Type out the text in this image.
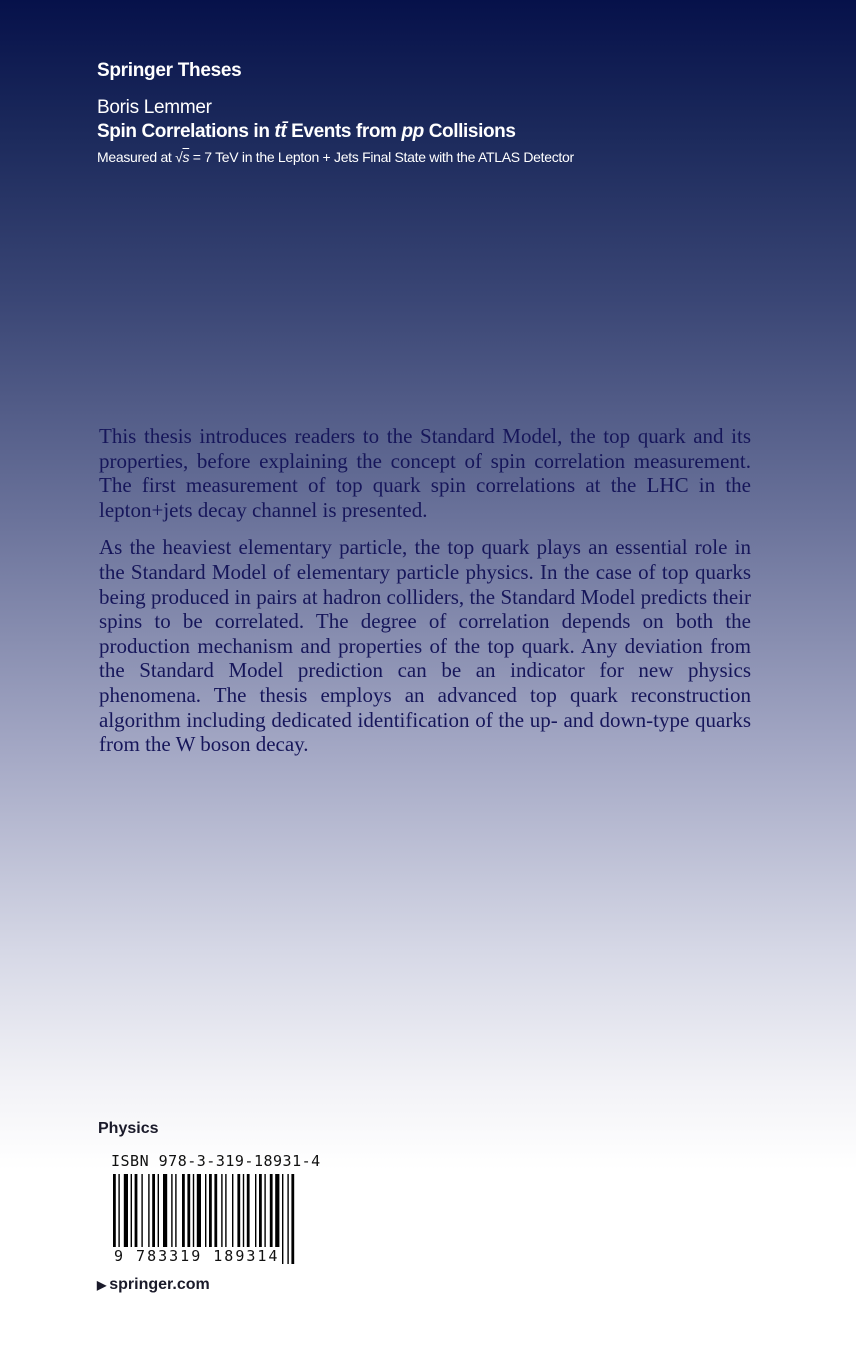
Springer Theses
Boris Lemmer
Spin Correlations in tt̄ Events from pp Collisions
Measured at √s = 7 TeV in the Lepton + Jets Final State with the ATLAS Detector

This thesis introduces readers to the Standard Model, the top quark and its properties, before explaining the concept of spin correlation measurement. The first measurement of top quark spin correlations at the LHC in the lepton+jets decay channel is presented.

As the heaviest elementary particle, the top quark plays an essential role in the Standard Model of elementary particle physics. In the case of top quarks being produced in pairs at hadron colliders, the Standard Model predicts their spins to be correlated. The degree of correlation depends on both the production mechanism and properties of the top quark. Any deviation from the Standard Model prediction can be an indicator for new physics phenomena. The thesis employs an advanced top quark reconstruction algorithm including dedicated identification of the up- and down-type quarks from the W boson decay.

Physics
ISBN 978-3-319-18931-4
9 783319 189314
▶ springer.com
